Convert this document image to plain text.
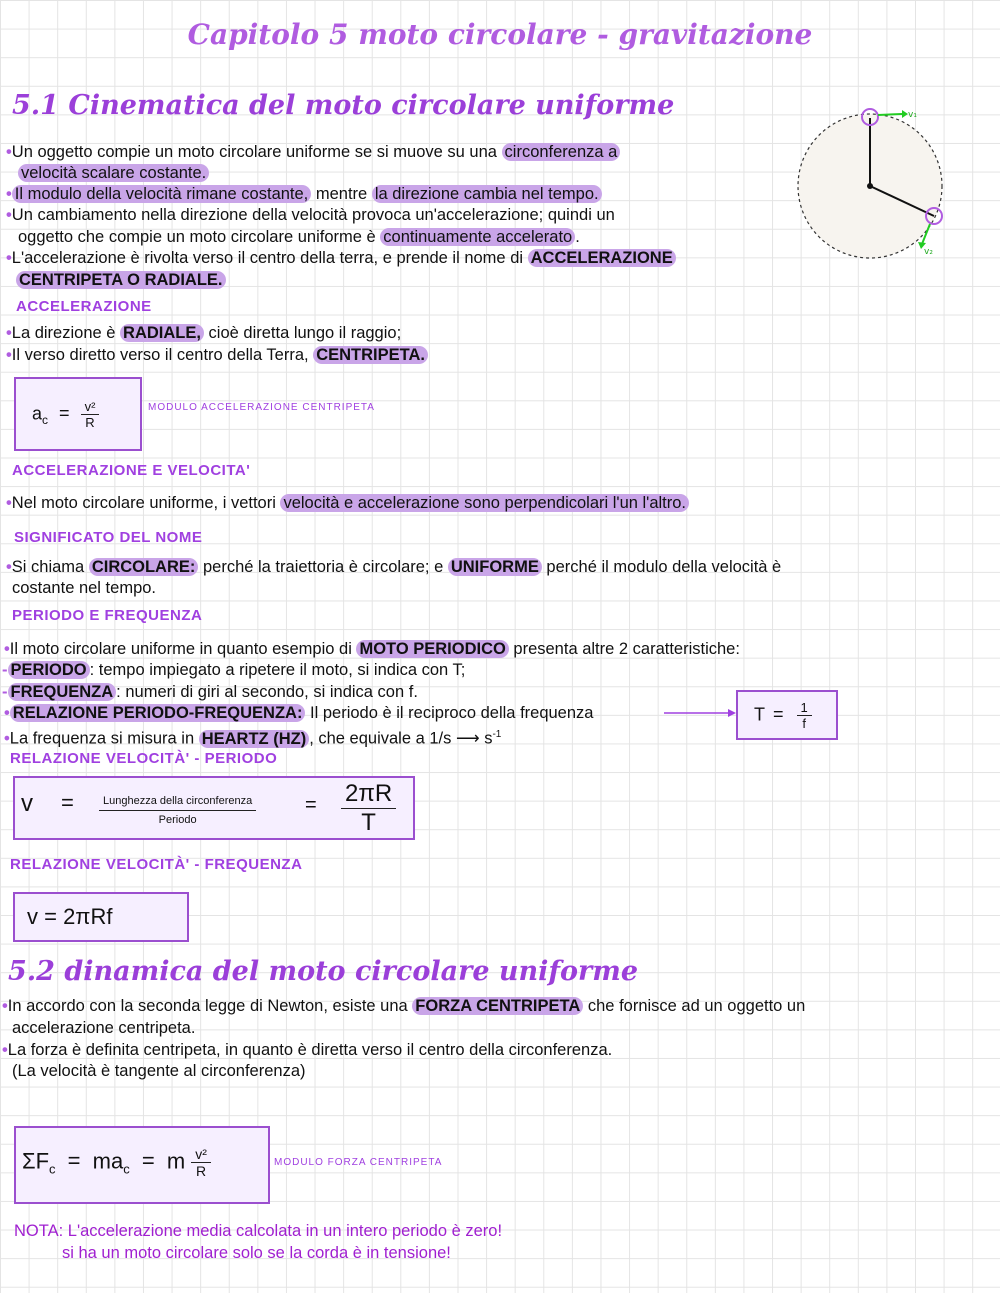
Capitolo 5 moto circolare - gravitazione
5.1 Cinematica del moto circolare uniforme	v₁
v₂
•Un oggetto compie un moto circolare uniforme se si muove su una circonferenza a
velocità scalare costante.
• Il modulo della velocità rimane costante, mentre la direzione cambia nel tempo.
•Un cambiamento nella direzione della velocità provoca un'accelerazione; quindi un
oggetto che compie un moto circolare uniforme è continuamente accelerato .
•L'accelerazione è rivolta verso il centro della terra, e prende il nome di ACCELERAZIONE
CENTRIPETA O RADIALE.
ACCELERAZIONE
•La direzione è RADIALE, cioè diretta lungo il raggio;
•Il verso diretto verso il centro della Terra, CENTRIPETA.
$a_c = \frac{\text{v²}}{R}$	MODULO ACCELERAZIONE CENTRIPETA
ACCELERAZIONE E VELOCITA'
•Nel moto circolare uniforme, i vettori velocità e accelerazione sono perpendicolari l'un l'altro.
SIGNIFICATO DEL NOME
•Si chiama CIRCOLARE: perché la traiettoria è circolare; e UNIFORME perché il modulo della velocità è
costante nel tempo.
PERIODO E FREQUENZA
•Il moto circolare uniforme in quanto esempio di MOTO PERIODICO presenta altre 2 caratteristiche:
- PERIODO : tempo impiegato a ripetere il moto, si indica con T;
- FREQUENZA : numeri di giri al secondo, si indica con f.
• RELAZIONE PERIODO-FREQUENZA: Il periodo è il reciproco della frequenza
•La frequenza si misura in HEARTZ (HZ) , che equivale a 1/s ⟶ $s^{-1}$
$T = \frac{1}{f}$
RELAZIONE VELOCITÀ' - PERIODO
$v = \frac{\text{Lunghezza della circonferenza}}{\text{Periodo}} = \frac{2\pi R}{T}$
RELAZIONE VELOCITÀ' - FREQUENZA
v = 2πRf
5.2 dinamica del moto circolare uniforme
•In accordo con la seconda legge di Newton, esiste una FORZA CENTRIPETA che fornisce ad un oggetto un
accelerazione centripeta.
•La forza è definita centripeta, in quanto è diretta verso il centro della circonferenza.
(La velocità è tangente al circonferenza)
$\Sigma F_c = ma_c = m \frac{\text{v²}}{R}$	MODULO FORZA CENTRIPETA
NOTA: L'accelerazione media calcolata in un intero periodo è zero!
si ha un moto circolare solo se la corda è in tensione!
